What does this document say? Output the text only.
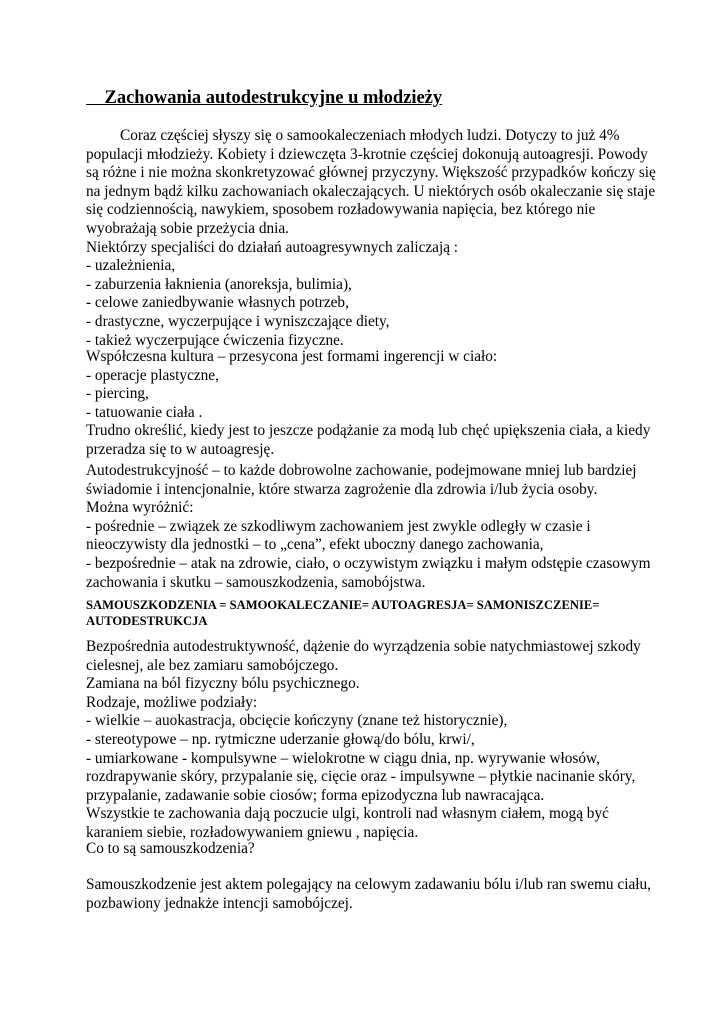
Zachowania autodestrukcyjne u młodzieży
Coraz częściej słyszy się o samookaleczeniach młodych ludzi. Dotyczy to już 4%
populacji młodzieży. Kobiety i dziewczęta 3-krotnie częściej dokonują autoagresji. Powody
są różne i nie można skonkretyzować głównej przyczyny. Większość przypadków kończy się
na jednym bądź kilku zachowaniach okaleczających. U niektórych osób okaleczanie się staje
się codziennością, nawykiem, sposobem rozładowywania napięcia, bez którego nie
wyobrażają sobie przeżycia dnia.
Niektórzy specjaliści do działań autoagresywnych zaliczają :
- uzależnienia,
- zaburzenia łaknienia (anoreksja, bulimia),
- celowe zaniedbywanie własnych potrzeb,
- drastyczne, wyczerpujące i wyniszczające diety,
- takież wyczerpujące ćwiczenia fizyczne.
Współczesna kultura – przesycona jest formami ingerencji w ciało:
- operacje plastyczne,
- piercing,
- tatuowanie ciała .
Trudno określić, kiedy jest to jeszcze podążanie za modą lub chęć upiększenia ciała, a kiedy
przeradza się to w autoagresję.
Autodestrukcyjność – to każde dobrowolne zachowanie, podejmowane mniej lub bardziej
świadomie i intencjonalnie, które stwarza zagrożenie dla zdrowia i/lub życia osoby.
Można wyróżnić:
- pośrednie – związek ze szkodliwym zachowaniem jest zwykle odległy w czasie i
nieoczywisty dla jednostki – to „cena”, efekt uboczny danego zachowania,
- bezpośrednie – atak na zdrowie, ciało, o oczywistym związku i małym odstępie czasowym
zachowania i skutku – samouszkodzenia, samobójstwa.
SAMOUSZKODZENIA = SAMOOKALECZANIE= AUTOAGRESJA= SAMONISZCZENIE=
AUTODESTRUKCJA
Bezpośrednia autodestruktywność, dążenie do wyrządzenia sobie natychmiastowej szkody
cielesnej, ale bez zamiaru samobójczego.
Zamiana na ból fizyczny bólu psychicznego.
Rodzaje, możliwe podziały:
- wielkie – auokastracja, obcięcie kończyny (znane też historycznie),
- stereotypowe – np. rytmiczne uderzanie głową/do bólu, krwi/,
- umiarkowane - kompulsywne – wielokrotne w ciągu dnia, np. wyrywanie włosów,
rozdrapywanie skóry, przypalanie się, cięcie oraz - impulsywne – płytkie nacinanie skóry,
przypalanie, zadawanie sobie ciosów; forma epizodyczna lub nawracająca.
Wszystkie te zachowania dają poczucie ulgi, kontroli nad własnym ciałem, mogą być
karaniem siebie, rozładowywaniem gniewu , napięcia.
Co to są samouszkodzenia?
Samouszkodzenie jest aktem polegający na celowym zadawaniu bólu i/lub ran swemu ciału,
pozbawiony jednakże intencji samobójczej.
